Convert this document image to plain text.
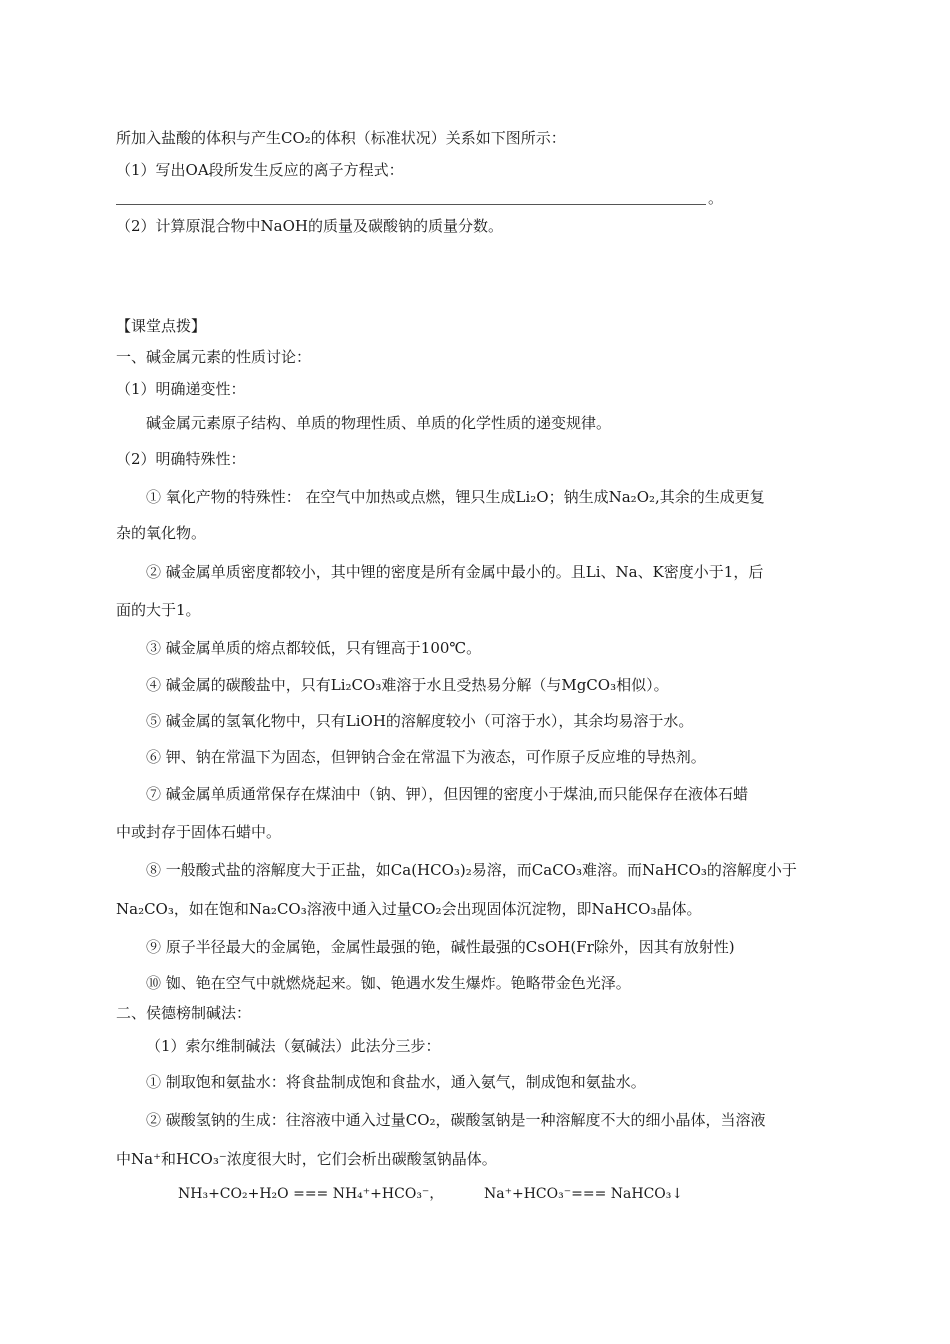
所加入盐酸的体积与产生CO₂的体积（标准状况）关系如下图所示：
（1）写出OA段所发生反应的离子方程式：
。
（2）计算原混合物中NaOH的质量及碳酸钠的质量分数。
【课堂点拨】
一、碱金属元素的性质讨论：
（1）明确递变性：
碱金属元素原子结构、单质的物理性质、单质的化学性质的递变规律。
（2）明确特殊性：
① 氧化产物的特殊性： 在空气中加热或点燃，锂只生成Li₂O；钠生成Na₂O₂,其余的生成更复
杂的氧化物。
② 碱金属单质密度都较小，其中锂的密度是所有金属中最小的。且Li、Na、K密度小于1，后
面的大于1。
③ 碱金属单质的熔点都较低，只有锂高于100℃。
④ 碱金属的碳酸盐中，只有Li₂CO₃难溶于水且受热易分解（与MgCO₃相似）。
⑤ 碱金属的氢氧化物中，只有LiOH的溶解度较小（可溶于水），其余均易溶于水。
⑥ 钾、钠在常温下为固态，但钾钠合金在常温下为液态，可作原子反应堆的导热剂。
⑦ 碱金属单质通常保存在煤油中（钠、钾），但因锂的密度小于煤油,而只能保存在液体石蜡
中或封存于固体石蜡中。
⑧ 一般酸式盐的溶解度大于正盐，如Ca(HCO₃)₂易溶，而CaCO₃难溶。而NaHCO₃的溶解度小于
Na₂CO₃，如在饱和Na₂CO₃溶液中通入过量CO₂会出现固体沉淀物，即NaHCO₃晶体。
⑨ 原子半径最大的金属铯，金属性最强的铯，碱性最强的CsOH(Fr除外，因其有放射性)
⑩ 铷、铯在空气中就燃烧起来。铷、铯遇水发生爆炸。铯略带金色光泽。
二、侯德榜制碱法：
（1）索尔维制碱法（氨碱法）此法分三步：
① 制取饱和氨盐水：将食盐制成饱和食盐水，通入氨气，制成饱和氨盐水。
② 碳酸氢钠的生成：往溶液中通入过量CO₂，碳酸氢钠是一种溶解度不大的细小晶体，当溶液
中Na⁺和HCO₃⁻浓度很大时，它们会析出碳酸氢钠晶体。
NH₃+CO₂+H₂O === NH₄⁺+HCO₃⁻，	Na⁺+HCO₃⁻=== NaHCO₃↓
